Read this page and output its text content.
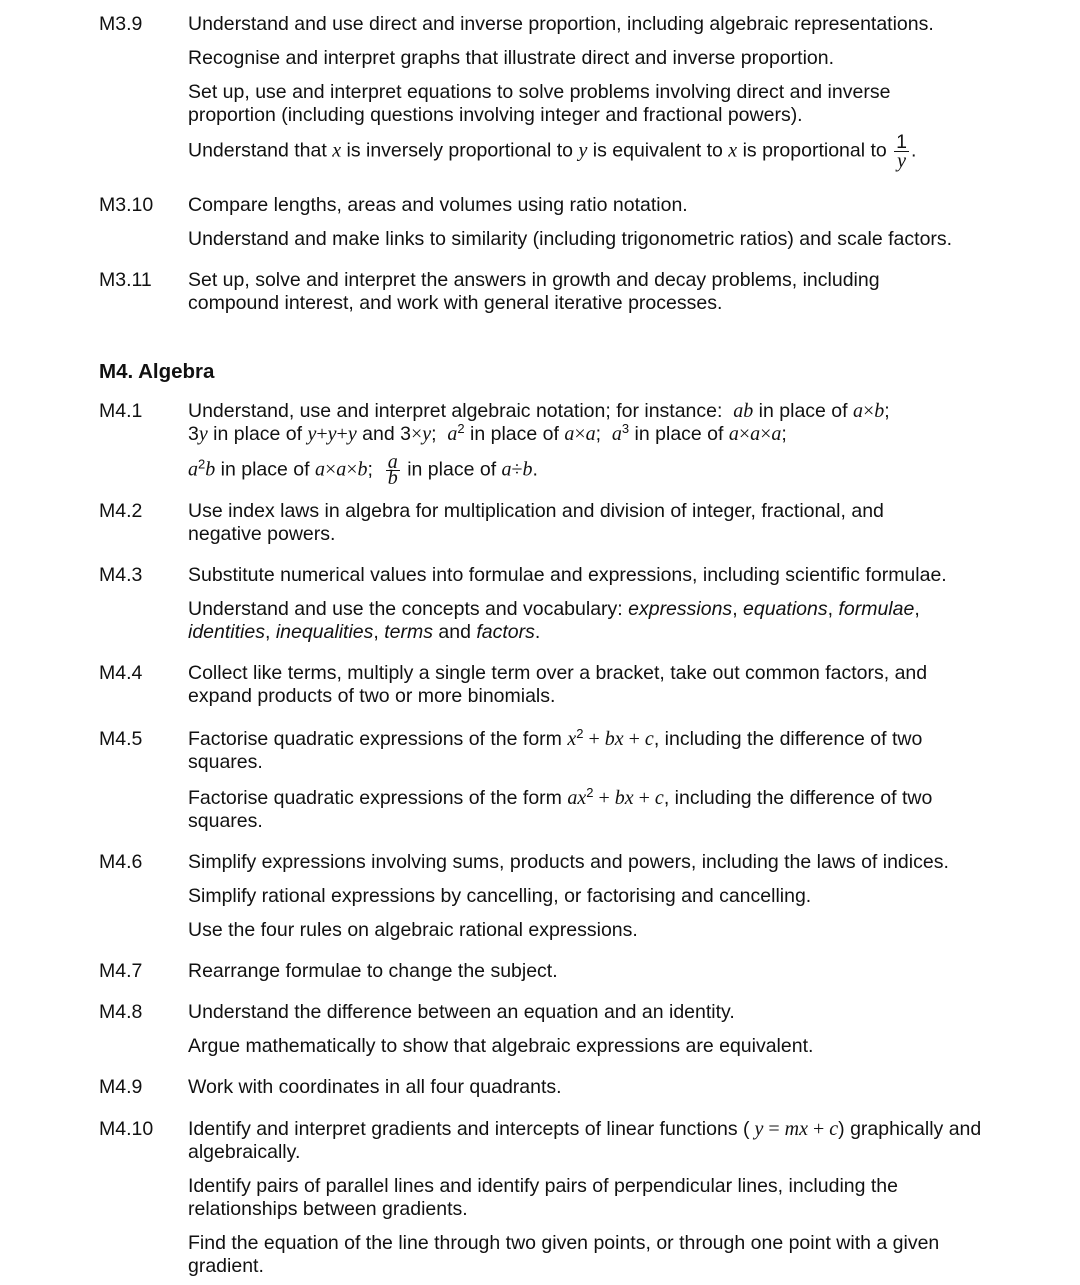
M3.9 Understand and use direct and inverse proportion, including algebraic representations.
Recognise and interpret graphs that illustrate direct and inverse proportion.
Set up, use and interpret equations to solve problems involving direct and inverse proportion (including questions involving integer and fractional powers).
Understand that x is inversely proportional to y is equivalent to x is proportional to $\frac{1}{y}$ .
M3.10 Compare lengths, areas and volumes using ratio notation.
Understand and make links to similarity (including trigonometric ratios) and scale factors.
M3.11 Set up, solve and interpret the answers in growth and decay problems, including compound interest, and work with general iterative processes.
M4. Algebra
M4.1 Understand, use and interpret algebraic notation; for instance:  ab in place of a×b;
3y in place of y+y+y and 3×y;  $a^2$ in place of a×a;  $a^3$ in place of a×a×a;
$a^2b$ in place of a×a×b; $\frac{a}{b}$ in place of a÷b.
M4.2 Use index laws in algebra for multiplication and division of integer, fractional, and negative powers.
M4.3 Substitute numerical values into formulae and expressions, including scientific formulae.
Understand and use the concepts and vocabulary: expressions, equations, formulae, identities, inequalities, terms and factors.
M4.4 Collect like terms, multiply a single term over a bracket, take out common factors, and expand products of two or more binomials.
M4.5 Factorise quadratic expressions of the form $x^2$ + bx + c, including the difference of two squares.
Factorise quadratic expressions of the form $ax^2$ + bx + c, including the difference of two squares.
M4.6 Simplify expressions involving sums, products and powers, including the laws of indices.
Simplify rational expressions by cancelling, or factorising and cancelling.
Use the four rules on algebraic rational expressions.
M4.7 Rearrange formulae to change the subject.
M4.8 Understand the difference between an equation and an identity.
Argue mathematically to show that algebraic expressions are equivalent.
M4.9 Work with coordinates in all four quadrants.
M4.10 Identify and interpret gradients and intercepts of linear functions ( y = mx + c) graphically and algebraically.
Identify pairs of parallel lines and identify pairs of perpendicular lines, including the relationships between gradients.
Find the equation of the line through two given points, or through one point with a given gradient.
